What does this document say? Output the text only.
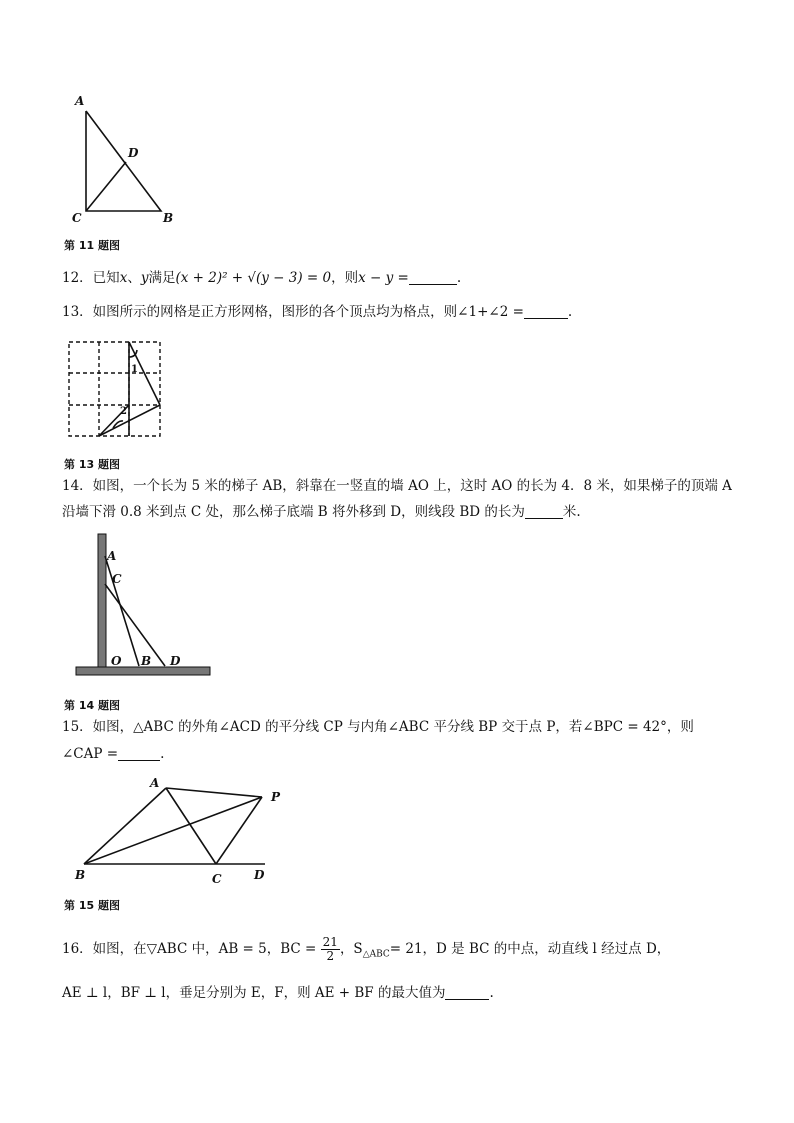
A
D
C	B
第 11 题图
12．已知x、y满足(x + 2)² + √(y − 3) = 0，则x − y =	.
13．如图所示的网格是正方形网格，图形的各个顶点均为格点，则∠1+∠2 =	.
1
2
第 13 题图
14．如图，一个长为 5 米的梯子 AB，斜靠在一竖直的墙 AO 上，这时 AO 的长为 4．8 米，如果梯子的顶端 A
沿墙下滑 0.8 米到点 C 处，那么梯子底端 B 将外移到 D，则线段 BD 的长为	米.
A
C
O B D
第 14 题图
15．如图，△ABC 的外角∠ACD 的平分线 CP 与内角∠ABC 平分线 BP 交于点 P，若∠BPC = 42°，则
∠CAP =	.
A
P
B	C	D
第 15 题图
16．如图，在▽ABC 中，AB = 5，BC = $\frac{21}{2}$ ，$S_{\triangle ABC}= 21$，D 是 BC 的中点，动直线 l 经过点 D，
AE ⊥ l，BF ⊥ l，垂足分别为 E，F，则 AE + BF 的最大值为	.
